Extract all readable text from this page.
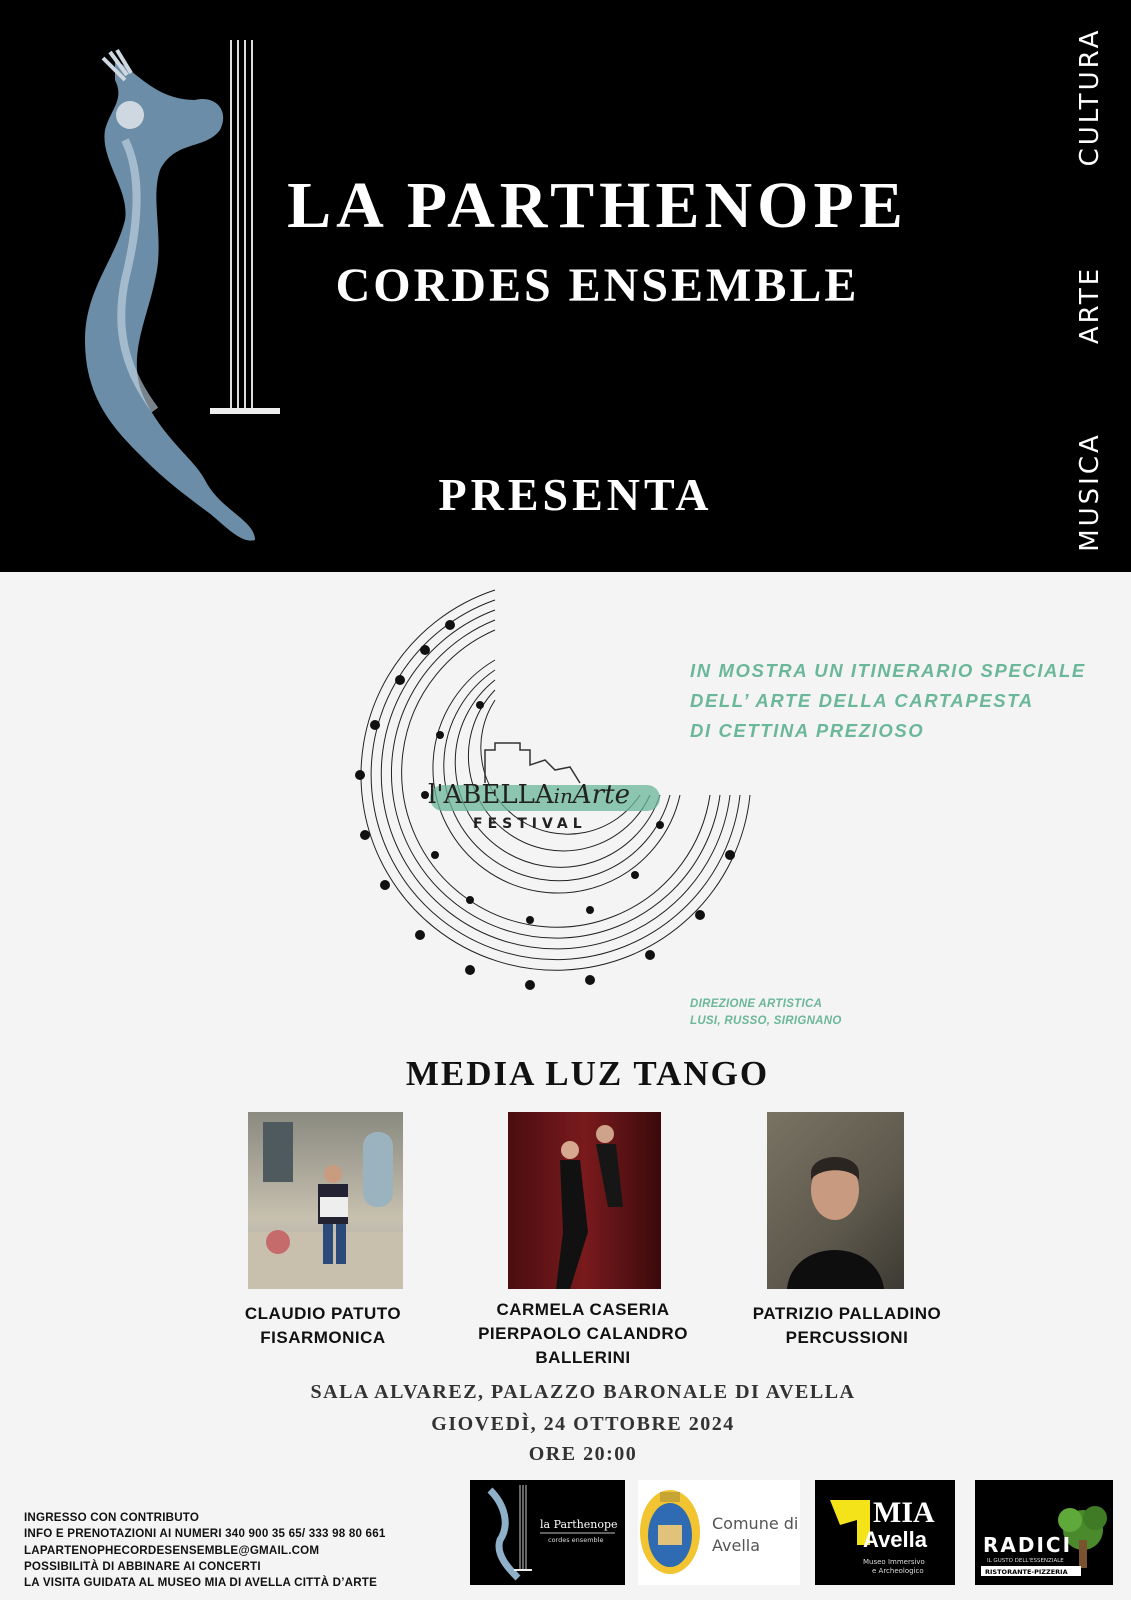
LA PARTHENOPE
CORDES ENSEMBLE
PRESENTA
CULTURA
ARTE
MUSICA
l'ABELLAinArte
FESTIVAL
IN MOSTRA UN ITINERARIO SPECIALE
DELL’ ARTE DELLA CARTAPESTA
DI CETTINA PREZIOSO
DIREZIONE ARTISTICA
LUSI, RUSSO, SIRIGNANO
MEDIA LUZ TANGO
CLAUDIO PATUTO
FISARMONICA
CARMELA CASERIA
PIERPAOLO CALANDRO
BALLERINI
PATRIZIO PALLADINO
PERCUSSIONI
SALA ALVAREZ, PALAZZO BARONALE DI AVELLA
GIOVEDÌ, 24 OTTOBRE 2024
ORE 20:00
INGRESSO CON CONTRIBUTO
INFO E PRENOTAZIONI AI NUMERI 340 900 35 65/ 333 98 80 661
LAPARTENOPHECORDESENSEMBLE@GMAIL.COM
POSSIBILITÀ DI ABBINARE AI CONCERTI
LA VISITA GUIDATA AL MUSEO MIA DI AVELLA CITTÀ D’ARTE
la Parthenope
cordes ensemble
Comune di
Avella
MIA
Avella
Museo Immersivo
e Archeologico
RADICI
IL GUSTO DELL'ESSENZIALE
RISTORANTE-PIZZERIA
